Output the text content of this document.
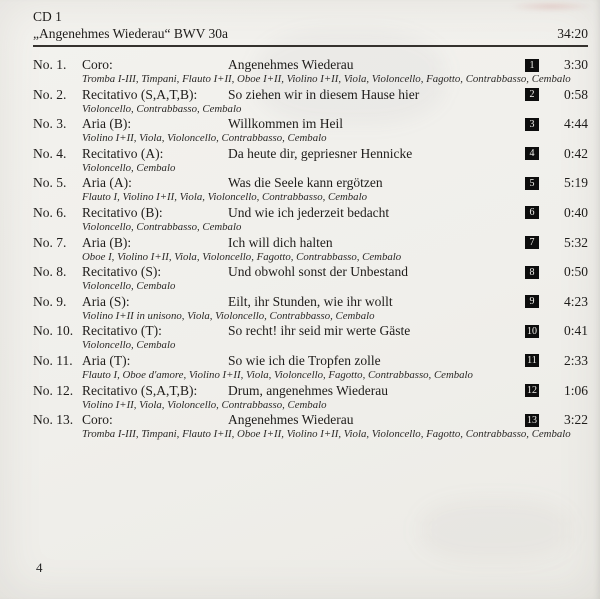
CD 1
„Angenehmes Wiederau“ BWV 30a	34:20
No. 1.	Coro:	Angenehmes Wiederau	1	3:30
Tromba I-III, Timpani, Flauto I+II, Oboe I+II, Violino I+II, Viola, Violoncello, Fagotto, Contrabbasso, Cembalo
No. 2.	Recitativo (S,A,T,B):	So ziehen wir in diesem Hause hier	2	0:58
Violoncello, Contrabbasso, Cembalo
No. 3.	Aria (B):	Willkommen im Heil	3	4:44
Violino I+II, Viola, Violoncello, Contrabbasso, Cembalo
No. 4.	Recitativo (A):	Da heute dir, gepriesner Hennicke	4	0:42
Violoncello, Cembalo
No. 5.	Aria (A):	Was die Seele kann ergötzen	5	5:19
Flauto I, Violino I+II, Viola, Violoncello, Contrabbasso, Cembalo
No. 6.	Recitativo (B):	Und wie ich jederzeit bedacht	6	0:40
Violoncello, Contrabbasso, Cembalo
No. 7.	Aria (B):	Ich will dich halten	7	5:32
Oboe I, Violino I+II, Viola, Violoncello, Fagotto, Contrabbasso, Cembalo
No. 8.	Recitativo (S):	Und obwohl sonst der Unbestand	8	0:50
Violoncello, Cembalo
No. 9.	Aria (S):	Eilt, ihr Stunden, wie ihr wollt	9	4:23
Violino I+II in unisono, Viola, Violoncello, Contrabbasso, Cembalo
No. 10. Recitativo (T):	So recht! ihr seid mir werte Gäste	10	0:41
Violoncello, Cembalo
No. 11. Aria (T):	So wie ich die Tropfen zolle	11	2:33
Flauto I, Oboe d'amore, Violino I+II, Viola, Violoncello, Fagotto, Contrabbasso, Cembalo
No. 12. Recitativo (S,A,T,B):	Drum, angenehmes Wiederau	12	1:06
Violino I+II, Viola, Violoncello, Contrabbasso, Cembalo
No. 13. Coro:	Angenehmes Wiederau	13	3:22
Tromba I-III, Timpani, Flauto I+II, Oboe I+II, Violino I+II, Viola, Violoncello, Fagotto, Contrabbasso, Cembalo
4
